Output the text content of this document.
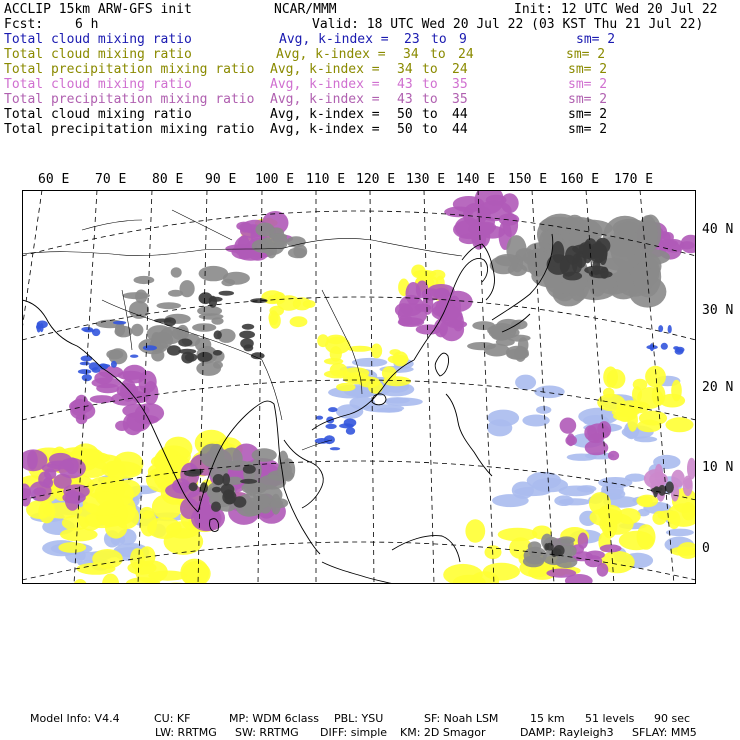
ACCLIP 15km ARW-GFS init	NCAR/MMM	Init: 12 UTC Wed 20 Jul 22
Fcst: 6 h	Valid: 18 UTC Wed 20 Jul 22 (03 KST Thu 21 Jul 22)
Total cloud mixing ratio	Avg, k-index = 23 to 9	sm= 2
Total cloud mixing ratio	Avg, k-index = 34 to 24	sm= 2
Total precipitation mixing ratio Avg, k-index = 34 to 24	sm= 2
Total cloud mixing ratio	Avg, k-index = 43 to 35	sm= 2
Total precipitation mixing ratio Avg, k-index = 43 to 35	sm= 2
Total cloud mixing ratio	Avg, k-index = 50 to 44	sm= 2
Total precipitation mixing ratio Avg, k-index = 50 to 44	sm= 2
60 E 70 E 80 E 90 E 100 E 110 E 120 E 130 E 140 E 150 E 160 E 170 E
40 N
30 N
20 N
10 N
0
Model Info: V4.4	CU: KF	MP: WDM 6class PBL: YSU	SF: Noah LSM	15 km 51 levels 90 sec
LW: RRTMG SW: RRTMG DIFF: simple KM: 2D Smagor	DAMP: Rayleigh3 SFLAY: MM5
